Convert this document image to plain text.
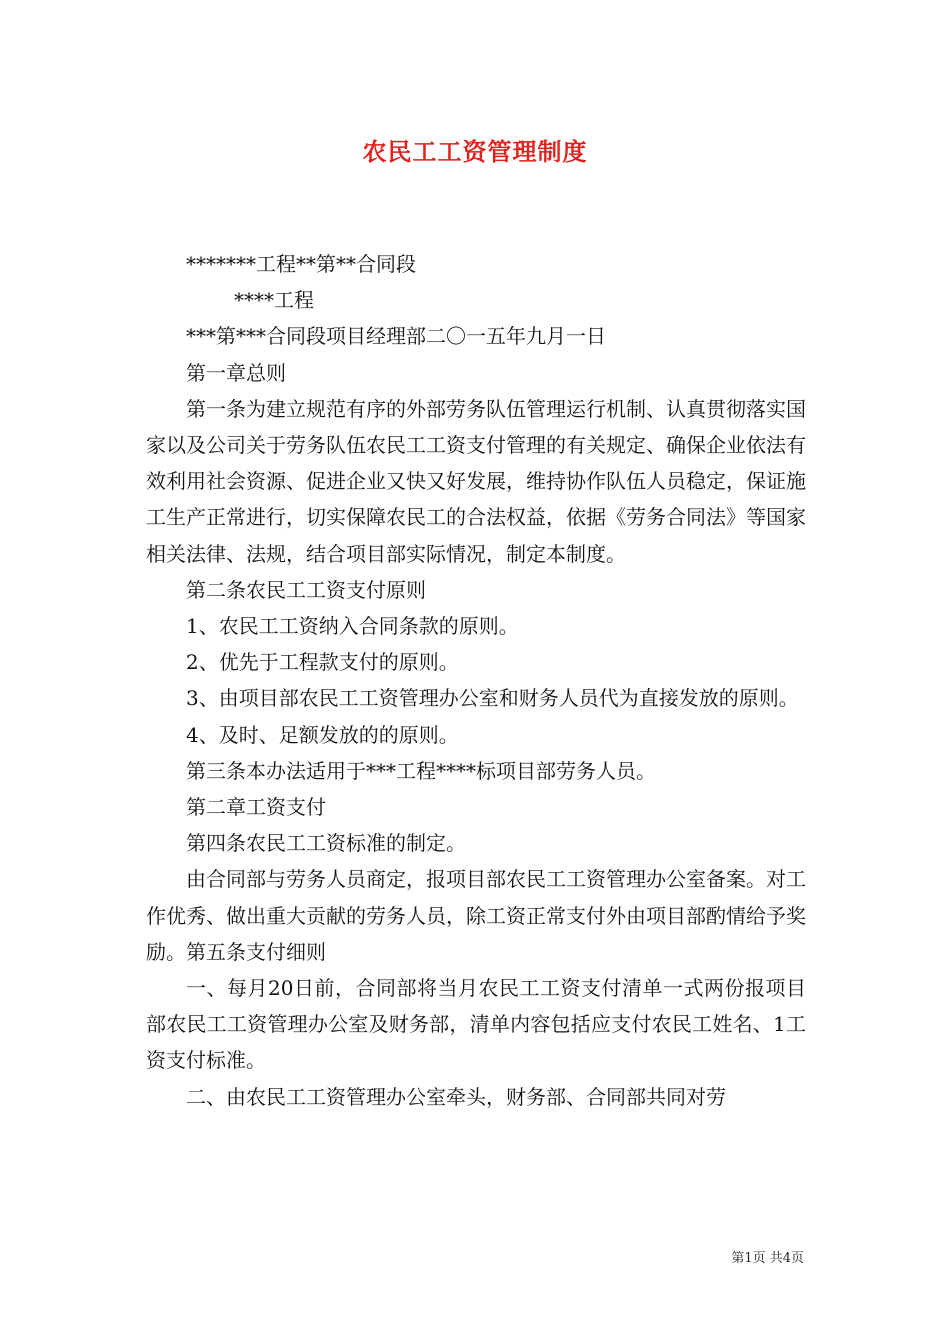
农民工工资管理制度

*******工程**第**合同段

****工程

***第***合同段项目经理部二〇一五年九月一日

第一章总则

第一条为建立规范有序的外部劳务队伍管理运行机制、认真贯彻落实国家以及公司关于劳务队伍农民工工资支付管理的有关规定、确保企业依法有效利用社会资源、促进企业又快又好发展，维持协作队伍人员稳定，保证施工生产正常进行，切实保障农民工的合法权益，依据《劳务合同法》等国家相关法律、法规，结合项目部实际情况，制定本制度。

第二条农民工工资支付原则

1、农民工工资纳入合同条款的原则。

2、优先于工程款支付的原则。

3、由项目部农民工工资管理办公室和财务人员代为直接发放的原则。

4、及时、足额发放的的原则。

第三条本办法适用于***工程****标项目部劳务人员。

第二章工资支付

第四条农民工工资标准的制定。

由合同部与劳务人员商定，报项目部农民工工资管理办公室备案。对工作优秀、做出重大贡献的劳务人员，除工资正常支付外由项目部酌情给予奖励。第五条支付细则

一、每月20日前，合同部将当月农民工工资支付清单一式两份报项目部农民工工资管理办公室及财务部，清单内容包括应支付农民工姓名、1工资支付标准。

二、由农民工工资管理办公室牵头，财务部、合同部共同对劳

第1页 共4页
